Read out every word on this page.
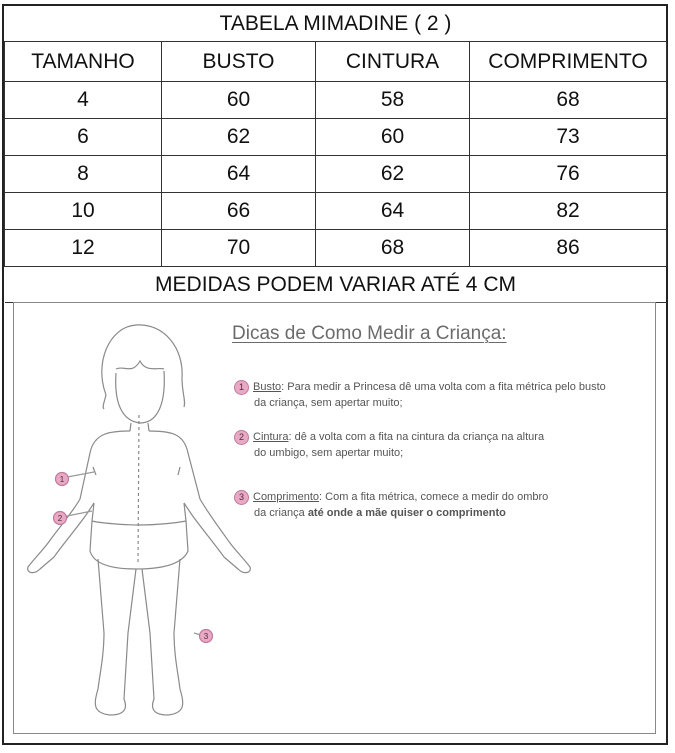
TABELA MIMADINE ( 2 )			
TAMANHO	BUSTO	CINTURA	COMPRIMENTO
4	60	58	68
6	62	60	73
8	64	62	76
10	66	64	82
12	70	68	86
MEDIDAS PODEM VARIAR ATÉ 4 CM			
1
2
3
Dicas de Como Medir a Criança:
1 Busto: Para medir a Princesa dê uma volta com a fita métrica pelo busto
da criança, sem apertar muito;
2 Cintura: dê a volta com a fita na cintura da criança na altura
do umbigo, sem apertar muito;
3 Comprimento: Com a fita métrica, comece a medir do ombro
da criança até onde a mãe quiser o comprimento
